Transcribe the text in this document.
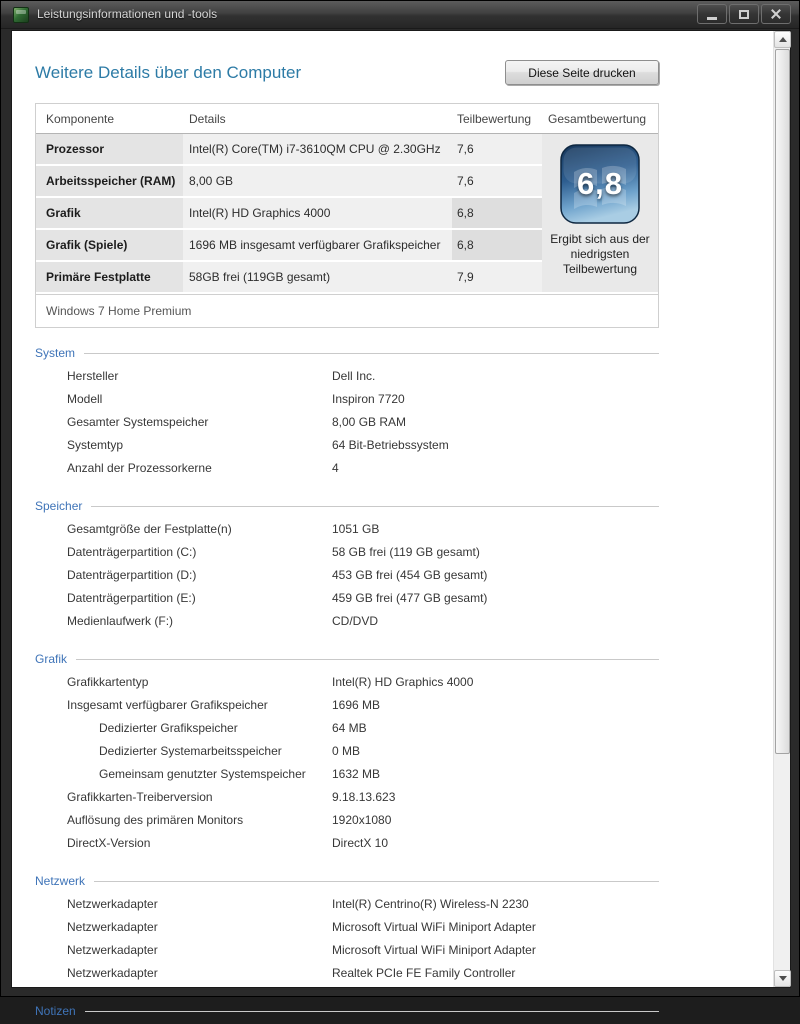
Leistungsinformationen und -tools
Weitere Details über den Computer	Diese Seite drucken
Komponente	Details	Teilbewertung	Gesamtbewertung
Prozessor	Intel(R) Core(TM) i7-3610QM CPU @ 2.30GHz	7,6
Arbeitsspeicher (RAM)	8,00 GB	7,6
Grafik	Intel(R) HD Graphics 4000	6,8
Grafik (Spiele)	1696 MB insgesamt verfügbarer Grafikspeicher	6,8
Primäre Festplatte	58GB frei (119GB gesamt)	7,9
6,8
Ergibt sich aus der niedrigsten Teilbewertung
Windows 7 Home Premium
System
Hersteller	Dell Inc.
Modell	Inspiron 7720
Gesamter Systemspeicher	8,00 GB RAM
Systemtyp	64 Bit-Betriebssystem
Anzahl der Prozessorkerne	4
Speicher
Gesamtgröße der Festplatte(n)	1051 GB
Datenträgerpartition (C:)	58 GB frei (119 GB gesamt)
Datenträgerpartition (D:)	453 GB frei (454 GB gesamt)
Datenträgerpartition (E:)	459 GB frei (477 GB gesamt)
Medienlaufwerk (F:)	CD/DVD
Grafik
Grafikkartentyp	Intel(R) HD Graphics 4000
Insgesamt verfügbarer Grafikspeicher	1696 MB
Dedizierter Grafikspeicher	64 MB
Dedizierter Systemarbeitsspeicher	0 MB
Gemeinsam genutzter Systemspeicher 1632 MB
Grafikkarten-Treiberversion	9.18.13.623
Auflösung des primären Monitors	1920x1080
DirectX-Version	DirectX 10
Netzwerk
Netzwerkadapter	Intel(R) Centrino(R) Wireless-N 2230
Netzwerkadapter	Microsoft Virtual WiFi Miniport Adapter
Netzwerkadapter	Microsoft Virtual WiFi Miniport Adapter
Netzwerkadapter	Realtek PCIe FE Family Controller
Notizen
